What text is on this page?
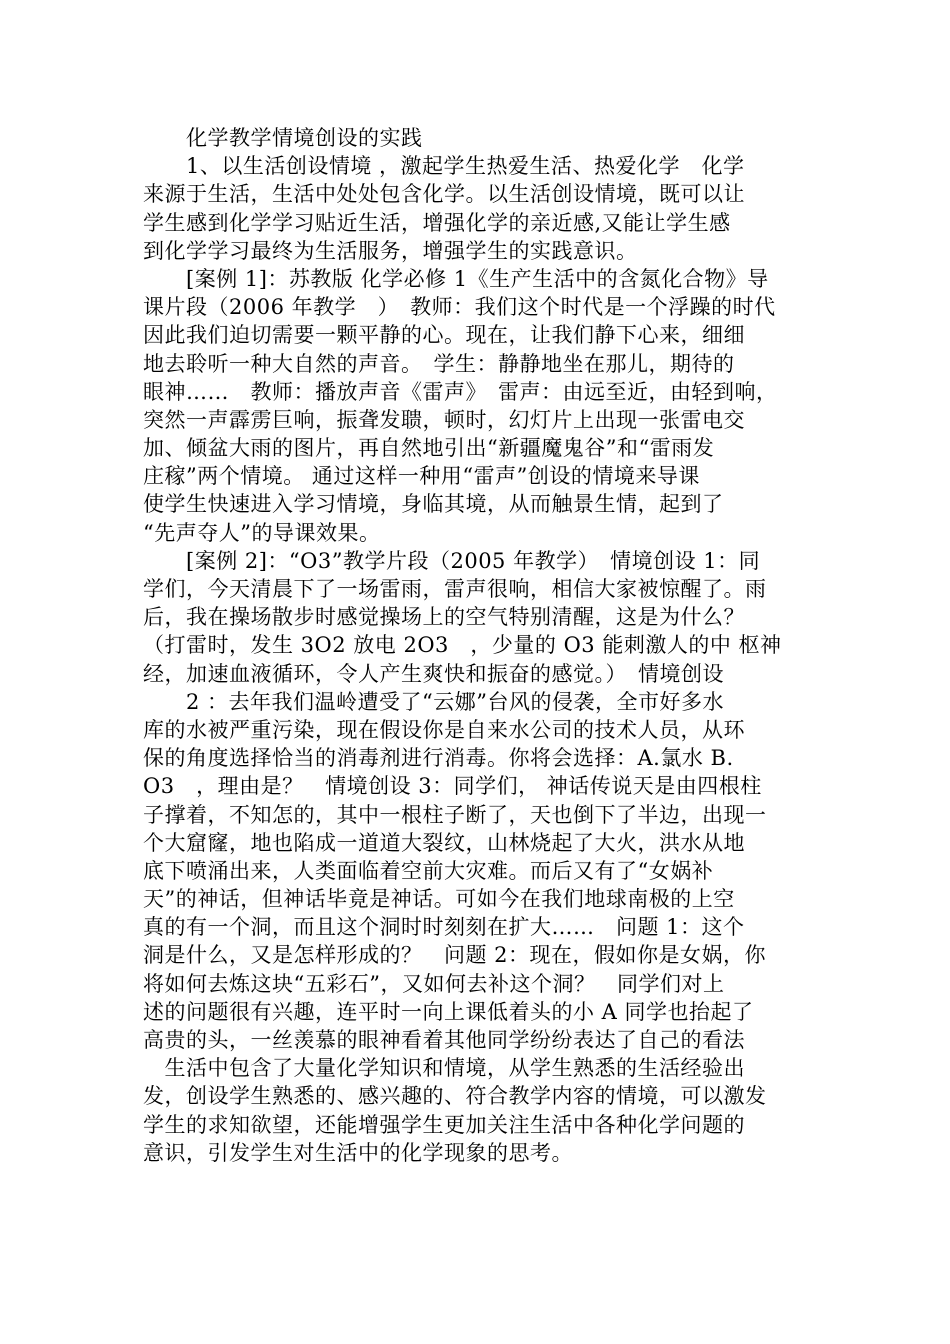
　　化学教学情境创设的实践
　　1、以生活创设情境 ，激起学生热爱生活、热爱化学　化学
来源于生活，生活中处处包含化学。以生活创设情境，既可以让
学生感到化学学习贴近生活，增强化学的亲近感,又能让学生感
到化学学习最终为生活服务，增强学生的实践意识。
　　[案例 1]：苏教版 化学必修 1《生产生活中的含氮化合物》导
课片段（2006 年教学　）　教师：我们这个时代是一个浮躁的时代
因此我们迫切需要一颗平静的心。现在，让我们静下心来，细细
地去聆听一种大自然的声音。　学生：静静地坐在那儿，期待的
眼神……　教师：播放声音《雷声》　雷声：由远至近，由轻到响，
突然一声霹雳巨响，振聋发聩，顿时，幻灯片上出现一张雷电交
加、倾盆大雨的图片，再自然地引出“新疆魔鬼谷”和“雷雨发
庄稼”两个情境。 通过这样一种用“雷声”创设的情境来导课
使学生快速进入学习情境，身临其境，从而触景生情，起到了
“先声夺人”的导课效果。
　　[案例 2]：“O3”教学片段（2005 年教学）　情境创设 1：同
学们，今天清晨下了一场雷雨，雷声很响，相信大家被惊醒了。雨
后，我在操场散步时感觉操场上的空气特别清醒，这是为什么？
（打雷时，发生 3O2 放电 2O3　，少量的 O3 能刺激人的中 枢神
经，加速血液循环，令人产生爽快和振奋的感觉。）　情境创设
　　2 ：去年我们温岭遭受了“云娜”台风的侵袭，全市好多水
库的水被严重污染，现在假设你是自来水公司的技术人员，从环
保的角度选择恰当的消毒剂进行消毒。你将会选择：A.氯水 B.
O3　，理由是？　情境创设 3：同学们， 神话传说天是由四根柱
子撑着，不知怎的，其中一根柱子断了，天也倒下了半边，出现一
个大窟窿，地也陷成一道道大裂纹，山林烧起了大火，洪水从地
底下喷涌出来，人类面临着空前大灾难。而后又有了“女娲补
天”的神话，但神话毕竟是神话。可如今在我们地球南极的上空
真的有一个洞，而且这个洞时时刻刻在扩大……　问题 1：这个
洞是什么，又是怎样形成的？　问题 2：现在，假如你是女娲，你
将如何去炼这块“五彩石”，又如何去补这个洞？　同学们对上
述的问题很有兴趣，连平时一向上课低着头的小 A 同学也抬起了
高贵的头，一丝羡慕的眼神看着其他同学纷纷表达了自己的看法
　生活中包含了大量化学知识和情境，从学生熟悉的生活经验出
发，创设学生熟悉的、感兴趣的、符合教学内容的情境，可以激发
学生的求知欲望，还能增强学生更加关注生活中各种化学问题的
意识，引发学生对生活中的化学现象的思考。
